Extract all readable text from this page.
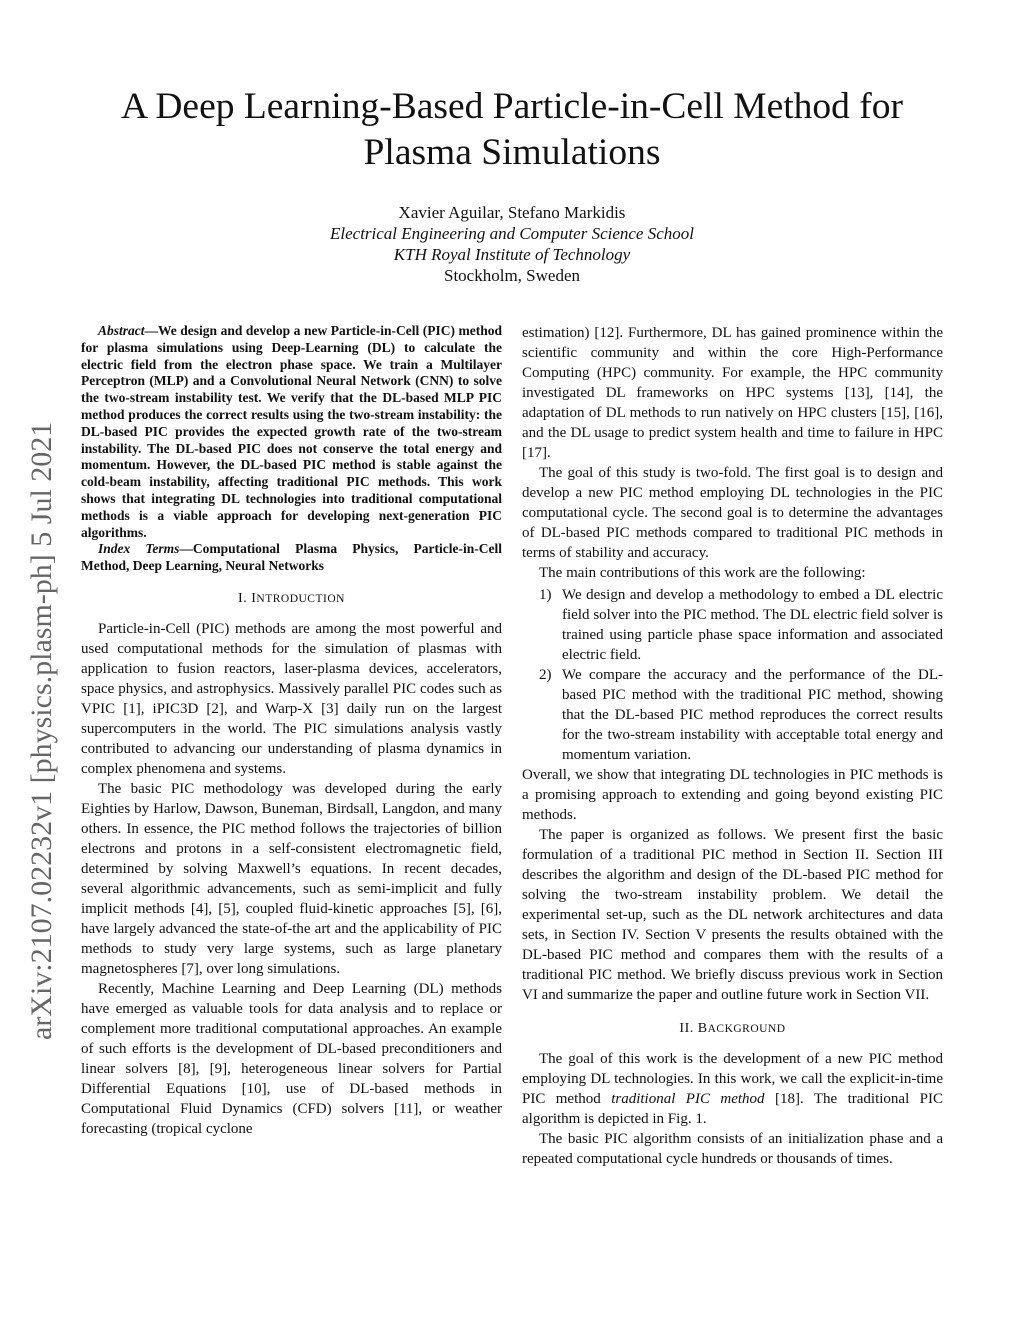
arXiv:2107.02232v1 [physics.plasm-ph] 5 Jul 2021
A Deep Learning-Based Particle-in-Cell Method for
Plasma Simulations
Xavier Aguilar, Stefano Markidis
Electrical Engineering and Computer Science School
KTH Royal Institute of Technology
Stockholm, Sweden

Abstract—We design and develop a new Particle-in-Cell (PIC) method for plasma simulations using Deep-Learning (DL) to calculate the electric field from the electron phase space. We train a Multilayer Perceptron (MLP) and a Convolutional Neural Network (CNN) to solve the two-stream instability test. We verify that the DL-based MLP PIC method produces the correct results using the two-stream instability: the DL-based PIC provides the expected growth rate of the two-stream instability. The DL-based PIC does not conserve the total energy and momentum. However, the DL-based PIC method is stable against the cold-beam instability, affecting traditional PIC methods. This work shows that integrating DL technologies into traditional computational methods is a viable approach for developing next-generation PIC algorithms.

Index Terms—Computational Plasma Physics, Particle-in-Cell Method, Deep Learning, Neural Networks

I. INTRODUCTION

Particle-in-Cell (PIC) methods are among the most powerful and used computational methods for the simulation of plasmas with application to fusion reactors, laser-plasma devices, accelerators, space physics, and astrophysics. Massively parallel PIC codes such as VPIC [1], iPIC3D [2], and Warp-X [3] daily run on the largest supercomputers in the world. The PIC simulations analysis vastly contributed to advancing our understanding of plasma dynamics in complex phenomena and systems.

The basic PIC methodology was developed during the early Eighties by Harlow, Dawson, Buneman, Birdsall, Langdon, and many others. In essence, the PIC method follows the trajectories of billion electrons and protons in a self-consistent electromagnetic field, determined by solving Maxwell’s equations. In recent decades, several algorithmic advancements, such as semi-implicit and fully implicit methods [4], [5], coupled fluid-kinetic approaches [5], [6], have largely advanced the state-of-the art and the applicability of PIC methods to study very large systems, such as large planetary magnetospheres [7], over long simulations.

Recently, Machine Learning and Deep Learning (DL) methods have emerged as valuable tools for data analysis and to replace or complement more traditional computational approaches. An example of such efforts is the development of DL-based preconditioners and linear solvers [8], [9], heterogeneous linear solvers for Partial Differential Equations [10], use of DL-based methods in Computational Fluid Dynamics (CFD) solvers [11], or weather forecasting (tropical cyclone

estimation) [12]. Furthermore, DL has gained prominence within the scientific community and within the core High-Performance Computing (HPC) community. For example, the HPC community investigated DL frameworks on HPC systems [13], [14], the adaptation of DL methods to run natively on HPC clusters [15], [16], and the DL usage to predict system health and time to failure in HPC [17].

The goal of this study is two-fold. The first goal is to design and develop a new PIC method employing DL technologies in the PIC computational cycle. The second goal is to determine the advantages of DL-based PIC methods compared to traditional PIC methods in terms of stability and accuracy.

The main contributions of this work are the following:

1) We design and develop a methodology to embed a DL electric field solver into the PIC method. The DL electric field solver is trained using particle phase space information and associated electric field.
2) We compare the accuracy and the performance of the DL-based PIC method with the traditional PIC method, showing that the DL-based PIC method reproduces the correct results for the two-stream instability with acceptable total energy and momentum variation.

Overall, we show that integrating DL technologies in PIC methods is a promising approach to extending and going beyond existing PIC methods.

The paper is organized as follows. We present first the basic formulation of a traditional PIC method in Section II. Section III describes the algorithm and design of the DL-based PIC method for solving the two-stream instability problem. We detail the experimental set-up, such as the DL network architectures and data sets, in Section IV. Section V presents the results obtained with the DL-based PIC method and compares them with the results of a traditional PIC method. We briefly discuss previous work in Section VI and summarize the paper and outline future work in Section VII.

II. BACKGROUND

The goal of this work is the development of a new PIC method employing DL technologies. In this work, we call the explicit-in-time PIC method traditional PIC method [18]. The traditional PIC algorithm is depicted in Fig. 1.

The basic PIC algorithm consists of an initialization phase and a repeated computational cycle hundreds or thousands of times.
